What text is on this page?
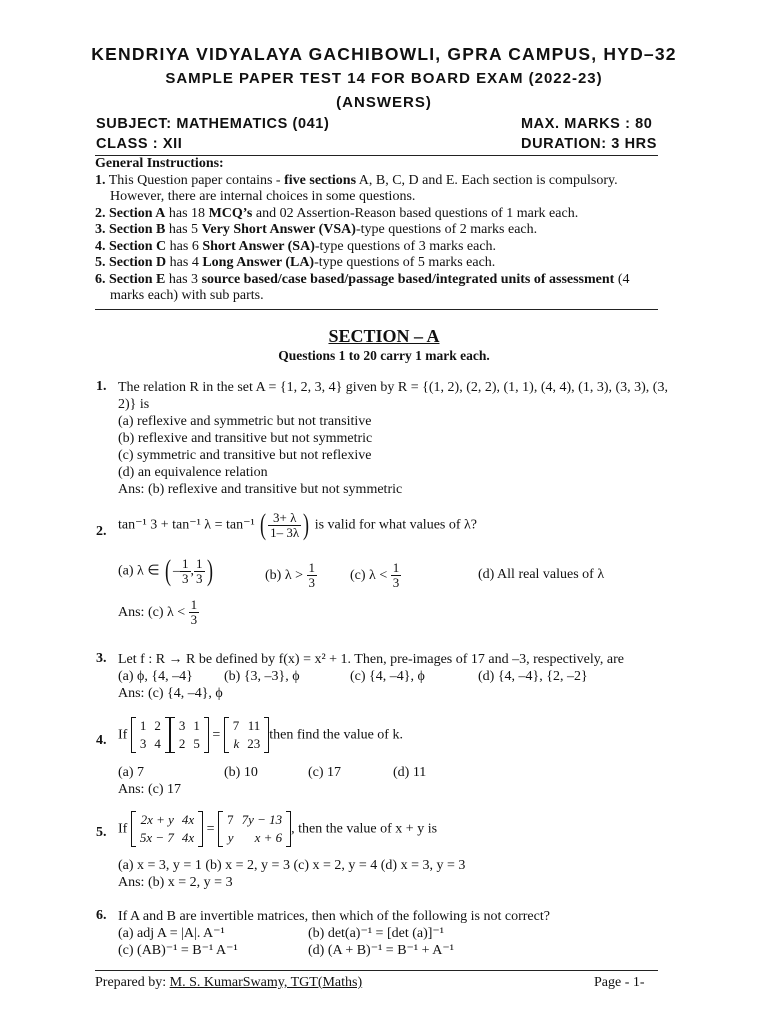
KENDRIYA VIDYALAYA GACHIBOWLI, GPRA CAMPUS, HYD–32
SAMPLE PAPER TEST 14 FOR BOARD EXAM (2022-23)
(ANSWERS)
SUBJECT: MATHEMATICS (041)	MAX. MARKS : 80
CLASS : XII	DURATION: 3 HRS
General Instructions:
1. This Question paper contains - five sections A, B, C, D and E. Each section is compulsory. However, there are internal choices in some questions.
2. Section A has 18 MCQ’s and 02 Assertion-Reason based questions of 1 mark each.
3. Section B has 5 Very Short Answer (VSA)-type questions of 2 marks each.
4. Section C has 6 Short Answer (SA)-type questions of 3 marks each.
5. Section D has 4 Long Answer (LA)-type questions of 5 marks each.
6. Section E has 3 source based/case based/passage based/integrated units of assessment (4 marks each) with sub parts.
SECTION – A
Questions 1 to 20 carry 1 mark each.
1. The relation R in the set A = {1, 2, 3, 4} given by R = {(1, 2), (2, 2), (1, 1), (4, 4), (1, 3), (3, 3), (3, 2)} is
(a) reflexive and symmetric but not transitive
(b) reflexive and transitive but not symmetric
(c) symmetric and transitive but not reflexive
(d) an equivalence relation
Ans: (b) reflexive and transitive but not symmetric
2. tan⁻¹ 3 + tan⁻¹ λ = tan⁻¹ ( $\frac{3+ \lambda}{1- 3\lambda}$ ) is valid for what values of λ?
(a) λ ∈ ( – $\frac{1}{3}$ , $\frac{1}{3}$ )	(b) $\lambda > \frac{1}{3} (c) \lambda < \frac{1}{3}$	(d) All real values of λ
Ans: (c) $\lambda < \frac{1}{3}$
3. Let f : R → R be defined by f(x) = x² + 1. Then, pre-images of 17 and –3, respectively, are
(a) ϕ, {4, –4} (b) {3, –3}, ϕ	(c) {4, –4}, ϕ	(d) {4, –4}, {2, –2}
Ans: (c) {4, –4}, ϕ
4. If
1	2
3	4
3	1
2	5
=
7	11
k	23
then find the value of k.
(a) 7	(b) 10	(c) 17	(d) 11
Ans: (c) 17
5. If
2x + y	4x
5x − 7	4x
=
7	7y − 13
y	x + 6
, then the value of x + y is
(a) x = 3, y = 1 (b) x = 2, y = 3 (c) x = 2, y = 4 (d) x = 3, y = 3
Ans: (b) x = 2, y = 3
6. If A and B are invertible matrices, then which of the following is not correct?
(a) adj A = |A|. A⁻¹	(b) det(a)⁻¹ = [det (a)]⁻¹
(c) (AB)⁻¹ = B⁻¹ A⁻¹	(d) (A + B)⁻¹ = B⁻¹ + A⁻¹
Prepared by: M. S. KumarSwamy, TGT(Maths)	Page - 1-
